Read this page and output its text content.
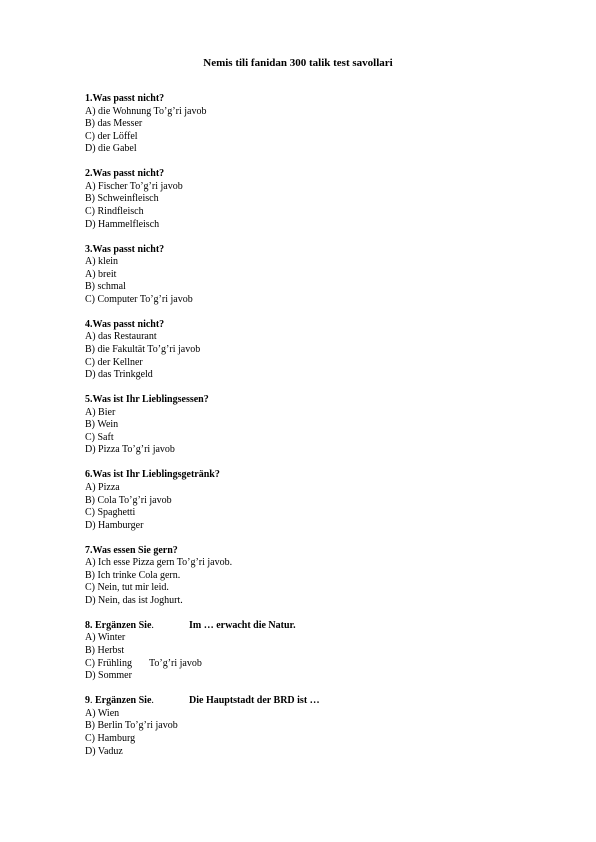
Nemis tili fanidan 300 talik test savollari
1.Was passt nicht?
A) die Wohnung To’g’ri javob
B) das Messer
C) der Löffel
D) die Gabel
2.Was passt nicht?
A) Fischer To’g’ri javob
B) Schweinfleisch
C) Rindfleisch
D) Hammelfleisch
3.Was passt nicht?
A) klein
A) breit
B) schmal
C) Computer To’g’ri javob
4.Was passt nicht?
A) das Restaurant
B) die Fakultät To’g’ri javob
C) der Kellner
D) das Trinkgeld
5.Was ist Ihr Lieblingsessen?
A) Bier
B) Wein
C) Saft
D) Pizza To’g’ri javob
6.Was ist Ihr Lieblingsgetränk?
A) Pizza
B) Cola To’g’ri javob
C) Spaghetti
D) Hamburger
7.Was essen Sie gern?
A) Ich esse Pizza gern To’g’ri javob.
B) Ich trinke Cola gern.
C) Nein, tut mir leid.
D) Nein, das ist Joghurt.
8. Ergänzen Sie.	Im … erwacht die Natur.
A) Winter
B) Herbst
C) Frühling To’g’ri javob
D) Sommer
9. Ergänzen Sie.	Die Hauptstadt der BRD ist …
A) Wien
B) Berlin To’g’ri javob
C) Hamburg
D) Vaduz
